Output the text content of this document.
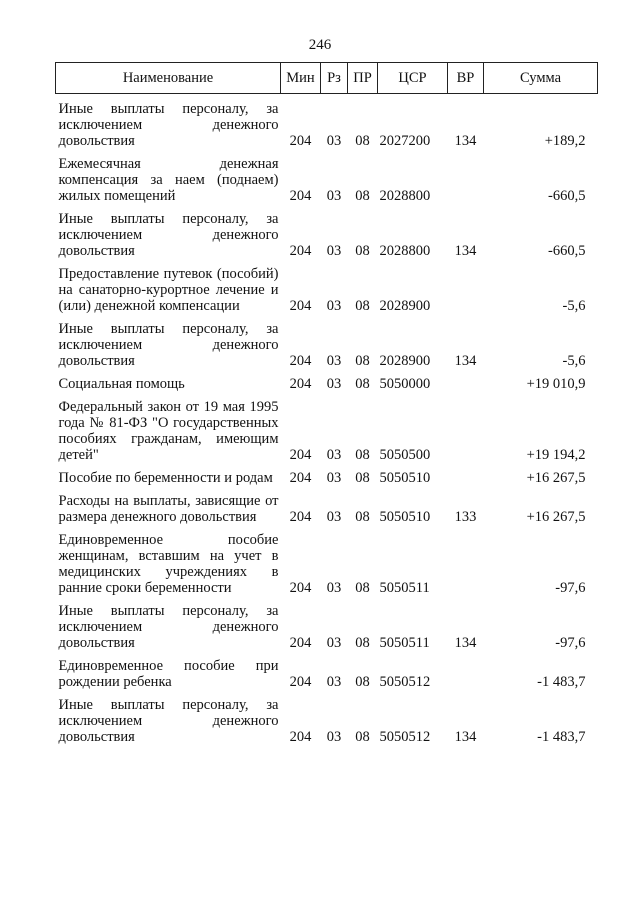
246
Наименование	Мин	Рз	ПР	ЦСР	ВР	Сумма

Иные выплаты персоналу, за исключением денежного довольствия	204	03	08	2027200	134	+189,2

Ежемесячная денежная компенсация за наем (поднаем) жилых помещений	204	03	08	2028800		-660,5

Иные выплаты персоналу, за исключением денежного довольствия	204	03	08	2028800	134	-660,5

Предоставление путевок (пособий) на санаторно-курортное лечение и (или) денежной компенсации	204	03	08	2028900		-5,6

Иные выплаты персоналу, за исключением денежного довольствия	204	03	08	2028900	134	-5,6

Социальная помощь	204	03	08	5050000		+19 010,9

Федеральный закон от 19 мая 1995 года № 81-ФЗ "О государственных пособиях гражданам, имеющим детей"	204	03	08	5050500		+19 194,2

Пособие по беременности и родам	204	03	08	5050510		+16 267,5

Расходы на выплаты, зависящие от размера денежного довольствия	204	03	08	5050510	133	+16 267,5

Единовременное пособие женщинам, вставшим на учет в медицинских учреждениях в ранние сроки беременности	204	03	08	5050511		-97,6

Иные выплаты персоналу, за исключением денежного довольствия	204	03	08	5050511	134	-97,6

Единовременное пособие при рождении ребенка	204	03	08	5050512		-1 483,7

Иные выплаты персоналу, за исключением денежного довольствия	204	03	08	5050512	134	-1 483,7
